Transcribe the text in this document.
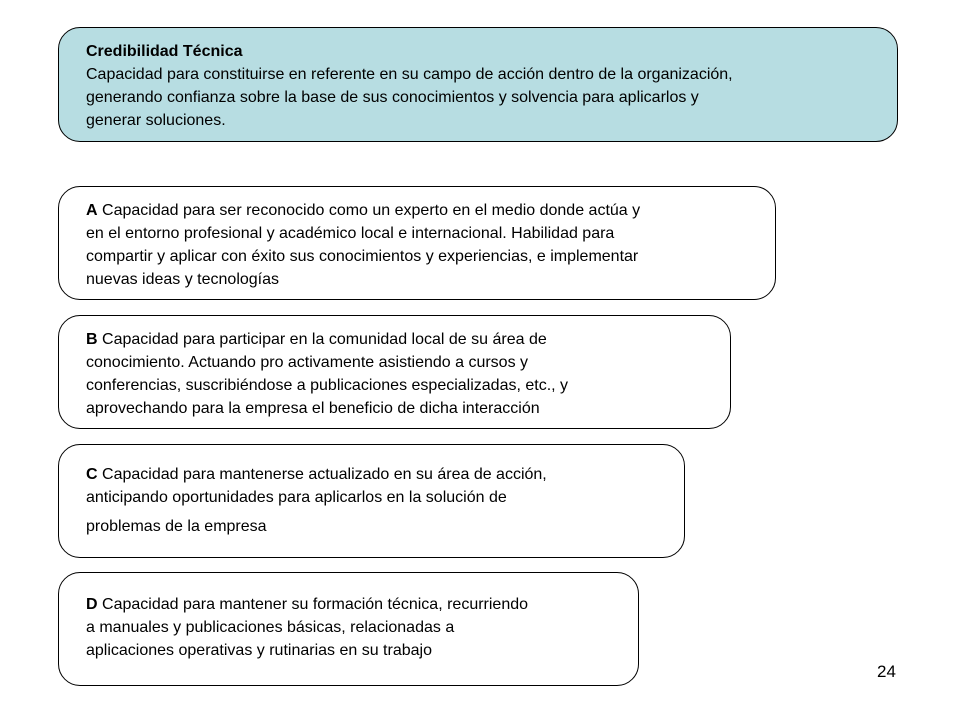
Credibilidad Técnica
Capacidad para constituirse en referente en su campo de acción dentro de la organización,
generando confianza sobre la base de sus conocimientos y solvencia para aplicarlos y
generar soluciones.
A Capacidad para ser reconocido como un experto en el medio donde actúa y
en el entorno profesional y académico local e internacional. Habilidad para
compartir y aplicar con éxito sus conocimientos y experiencias, e implementar
nuevas ideas y tecnologías
B Capacidad para participar en la comunidad local de su área de
conocimiento. Actuando pro activamente asistiendo a cursos y
conferencias, suscribiéndose a publicaciones especializadas, etc., y
aprovechando para la empresa el beneficio de dicha interacción
C Capacidad para mantenerse actualizado en su área de acción,
anticipando oportunidades para aplicarlos en la solución de
problemas de la empresa
D Capacidad para mantener su formación técnica, recurriendo
a manuales y publicaciones básicas, relacionadas a
aplicaciones operativas y rutinarias en su trabajo
24
